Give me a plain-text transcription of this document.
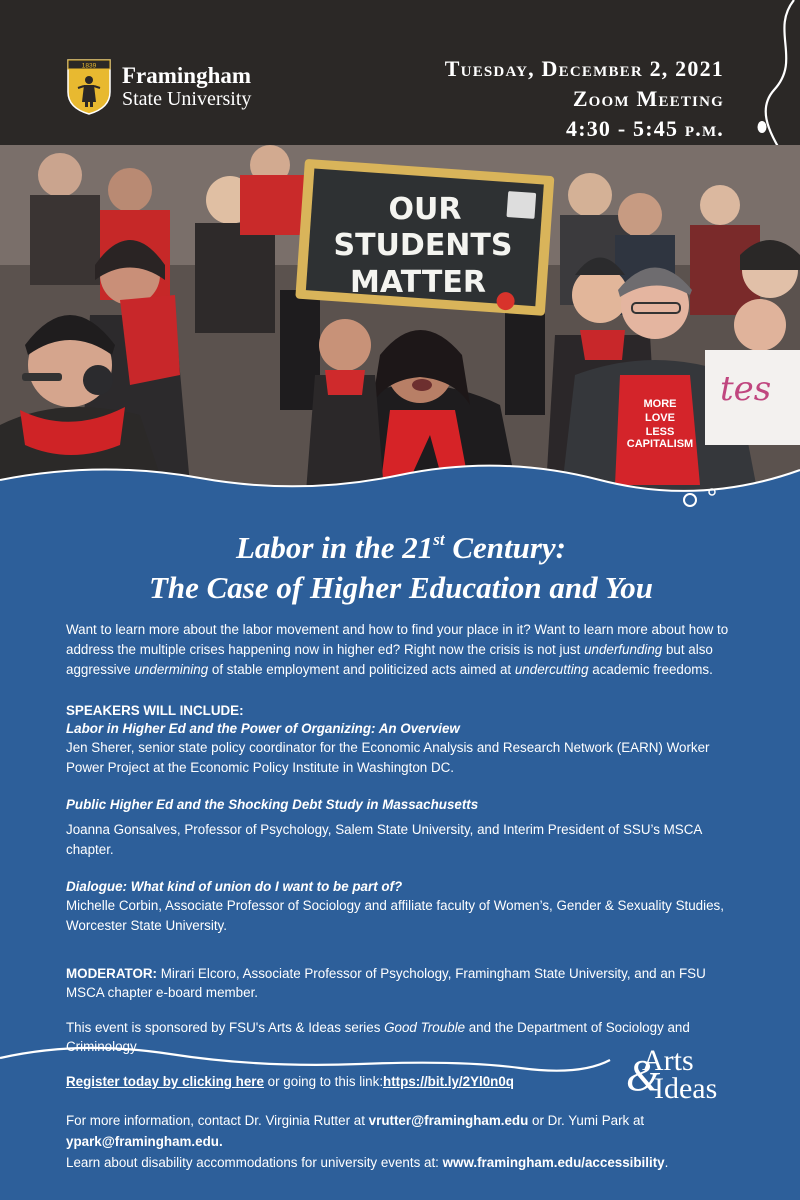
1839 Framingham
State University
Tuesday, December 2, 2021
Zoom Meeting
4:30 - 5:45 p.m.
OUR
STUDENTS
MATTER
MORE
LOVE
LESS
CAPITALISM
tes
Labor in the 21st Century:
The Case of Higher Education and You

Want to learn more about the labor movement and how to find your place in it? Want to learn more about how to address the multiple crises happening now in higher ed? Right now the crisis is not just underfunding but also aggressive undermining of stable employment and politicized acts aimed at undercutting academic freedoms.

SPEAKERS WILL INCLUDE:
Labor in Higher Ed and the Power of Organizing: An Overview
Jen Sherer, senior state policy coordinator for the Economic Analysis and Research Network (EARN) Worker Power Project at the Economic Policy Institute in Washington DC.
Public Higher Ed and the Shocking Debt Study in Massachusetts
Joanna Gonsalves, Professor of Psychology, Salem State University, and Interim President of SSU’s MSCA chapter.
Dialogue: What kind of union do I want to be part of?
Michelle Corbin, Associate Professor of Sociology and affiliate faculty of Women’s, Gender & Sexuality Studies, Worcester State University.

MODERATOR: Mirari Elcoro, Associate Professor of Psychology, Framingham State University, and an FSU MSCA chapter e-board member.

This event is sponsored by FSU's Arts & Ideas series Good Trouble and the Department of Sociology and Criminology.

Register today by clicking here or going to this link:https://bit.ly/2Yl0n0q	&
Arts
Ideas

For more information, contact Dr. Virginia Rutter at vrutter@framingham.edu or Dr. Yumi Park at ypark@framingham.edu.

Learn about disability accommodations for university events at: www.framingham.edu/accessibility.
